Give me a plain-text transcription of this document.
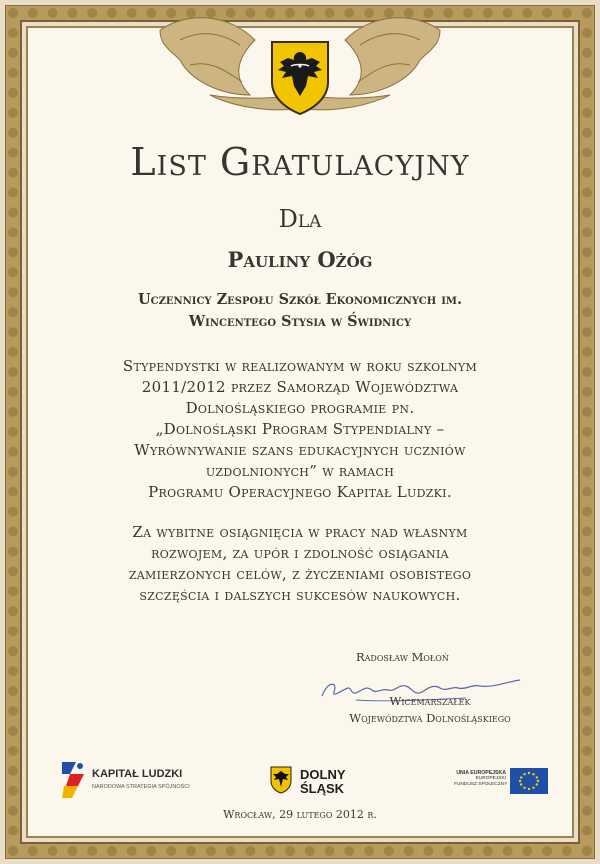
List Gratulacyjny
Dla
Pauliny Ożóg
Uczennicy Zespołu Szkół Ekonomicznych im.
Wincentego Stysia w Świdnicy
Stypendystki w realizowanym w roku szkolnym
2011/2012 przez Samorząd Województwa
Dolnośląskiego programie pn.
„Dolnośląski Program Stypendialny –
Wyrównywanie szans edukacyjnych uczniów
uzdolnionych” w ramach
Programu Operacyjnego Kapitał Ludzki.
Za wybitne osiągnięcia w pracy nad własnym
rozwojem, za upór i zdolność osiągania
zamierzonych celów, z życzeniami osobistego
szczęścia i dalszych sukcesów naukowych.
Radosław Mołoń
Wicemarszałek
Województwa Dolnośląskiego
KAPITAŁ LUDZKI
NARODOWA STRATEGIA SPÓJNOŚCI
DOLNY
ŚLĄSK
UNIA EUROPEJSKA
EUROPEJSKI
FUNDUSZ SPOŁECZNY
Wrocław, 29 lutego 2012 r.
